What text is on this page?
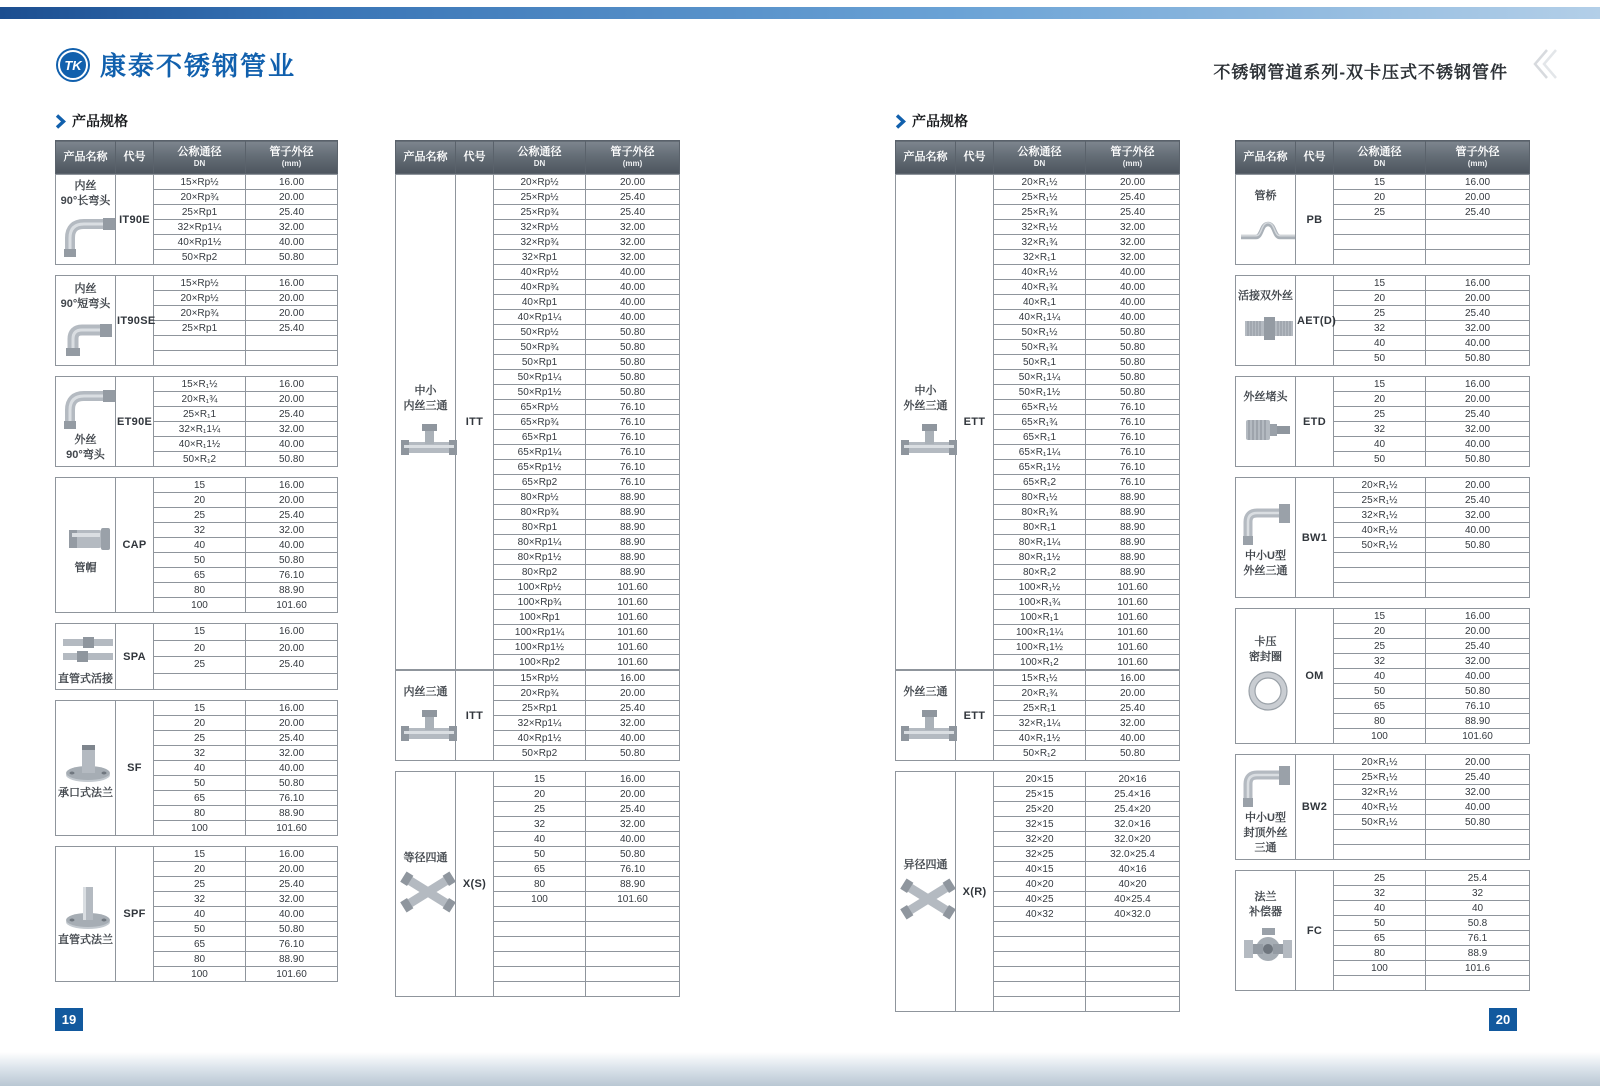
TK 康泰不锈钢管业	不锈钢管道系列-双卡压式不锈钢管件
产品规格	产品规格
产品名称	代号	公称通径
DN

管子外径
(mm)
内丝
90°长弯头	IT90E	15×Rp½	16.00
		20×Rp¾	20.00
		25×Rp1	25.40
		32×Rp1¼	32.00
		40×Rp1½	40.00
		50×Rp2	50.80
内丝
90°短弯头	IT90SE	15×Rp½	16.00
		20×Rp½	20.00
		20×Rp¾	20.00
		25×Rp1	25.40

外丝
90°弯头	ET90E	15×R₁½	16.00
		20×R₁¾	20.00
		25×R₁1	25.40
		32×R₁1¼	32.00
		40×R₁1½	40.00
		50×R₁2	50.80
管帽	CAP	15	16.00
		20	20.00
		25	25.40
		32	32.00
		40	40.00
		50	50.80
		65	76.10
		80	88.90
		100	101.60
直管式活接	SPA	15	16.00
		20	20.00
		25	25.40

承口式法兰	SF	15	16.00
		20	20.00
		25	25.40
		32	32.00
		40	40.00
		50	50.80
		65	76.10
		80	88.90
		100	101.60
直管式法兰	SPF	15	16.00
		20	20.00
		25	25.40
		32	32.00
		40	40.00
		50	50.80
		65	76.10
		80	88.90
		100	101.60
产品名称	代号	公称通径
DN

管子外径
(mm)
中小
内丝三通	ITT	20×Rp½	20.00
		25×Rp½	25.40
		25×Rp¾	25.40
		32×Rp½	32.00
		32×Rp¾	32.00
		32×Rp1	32.00
		40×Rp½	40.00
		40×Rp¾	40.00
		40×Rp1	40.00
		40×Rp1¼	40.00
		50×Rp½	50.80
		50×Rp¾	50.80
		50×Rp1	50.80
		50×Rp1¼	50.80
		50×Rp1½	50.80
		65×Rp½	76.10
		65×Rp¾	76.10
		65×Rp1	76.10
		65×Rp1¼	76.10
		65×Rp1½	76.10
		65×Rp2	76.10
		80×Rp½	88.90
		80×Rp¾	88.90
		80×Rp1	88.90
		80×Rp1¼	88.90
		80×Rp1½	88.90
		80×Rp2	88.90
		100×Rp½	101.60
		100×Rp¾	101.60
		100×Rp1	101.60
		100×Rp1¼	101.60
		100×Rp1½	101.60
		100×Rp2	101.60
内丝三通	ITT	15×Rp½	16.00
		20×Rp¾	20.00
		25×Rp1	25.40
		32×Rp1¼	32.00
		40×Rp1½	40.00
		50×Rp2	50.80
等径四通	X(S)	15	16.00
		20	20.00
		25	25.40
		32	32.00
		40	40.00
		50	50.80
		65	76.10
		80	88.90
		100	101.60

产品名称	代号	公称通径
DN

管子外径
(mm)
中小
外丝三通	ETT	20×R₁½	20.00
		25×R₁½	25.40
		25×R₁¾	25.40
		32×R₁½	32.00
		32×R₁¾	32.00
		32×R₁1	32.00
		40×R₁½	40.00
		40×R₁¾	40.00
		40×R₁1	40.00
		40×R₁1¼	40.00
		50×R₁½	50.80
		50×R₁¾	50.80
		50×R₁1	50.80
		50×R₁1¼	50.80
		50×R₁1½	50.80
		65×R₁½	76.10
		65×R₁¾	76.10
		65×R₁1	76.10
		65×R₁1¼	76.10
		65×R₁1½	76.10
		65×R₁2	76.10
		80×R₁½	88.90
		80×R₁¾	88.90
		80×R₁1	88.90
		80×R₁1¼	88.90
		80×R₁1½	88.90
		80×R₁2	88.90
		100×R₁½	101.60
		100×R₁¾	101.60
		100×R₁1	101.60
		100×R₁1¼	101.60
		100×R₁1½	101.60
		100×R₁2	101.60
外丝三通	ETT	15×R₁½	16.00
		20×R₁¾	20.00
		25×R₁1	25.40
		32×R₁1¼	32.00
		40×R₁1½	40.00
		50×R₁2	50.80
异径四通	X(R)	20×15	20×16
		25×15	25.4×16
		25×20	25.4×20
		32×15	32.0×16
		32×20	32.0×20
		32×25	32.0×25.4
		40×15	40×16
		40×20	40×20
		40×25	40×25.4
		40×32	40×32.0

产品名称	代号	公称通径
DN

管子外径
(mm)
管桥	PB	15	16.00
		20	20.00
		25	25.40

活接双外丝	AET(D)	15	16.00
		20	20.00
		25	25.40
		32	32.00
		40	40.00
		50	50.80
外丝堵头	ETD	15	16.00
		20	20.00
		25	25.40
		32	32.00
		40	40.00
		50	50.80
中小U型
外丝三通	BW1	20×R₁½	20.00
		25×R₁½	25.40
		32×R₁½	32.00
		40×R₁½	40.00
		50×R₁½	50.80

卡压
密封圈	OM	15	16.00
		20	20.00
		25	25.40
		32	32.00
		40	40.00
		50	50.80
		65	76.10
		80	88.90
		100	101.60
中小U型
封顶外丝
三通	BW2	20×R₁½	20.00
		25×R₁½	25.40
		32×R₁½	32.00
		40×R₁½	40.00
		50×R₁½	50.80

法兰
补偿器	FC	25	25.4
		32	32
		40	40
		50	50.8
		65	76.1
		80	88.9
		100	101.6

19	20
